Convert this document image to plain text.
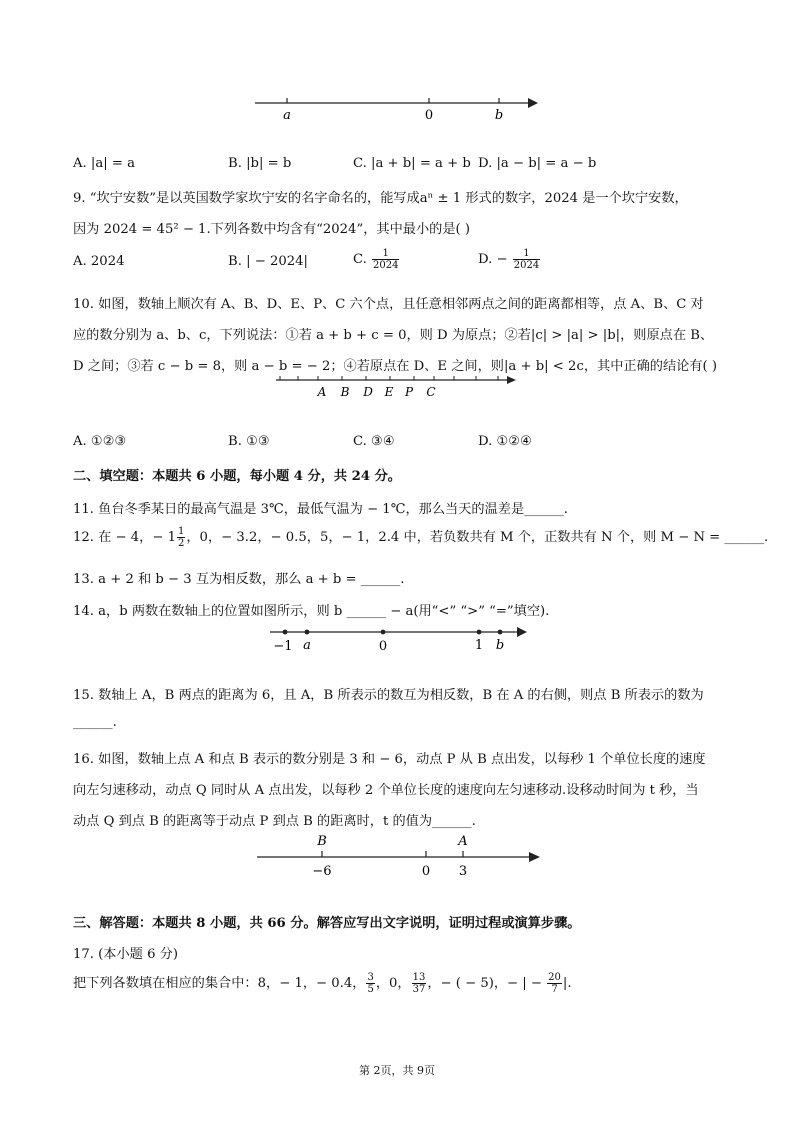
a	0	b
A. |a| = a	B. |b| = b	C. |a + b| = a + b D. |a − b| = a − b
9. “坎宁安数”是以英国数学家坎宁安的名字命名的，能写成aⁿ ± 1 形式的数字，2024 是一个坎宁安数，
因为 2024 = 45² − 1.下列各数中均含有“2024”，其中最小的是( )
A. 2024	B. | − 2024|	C. $\frac{1}{2024}$	D. − $\frac{1}{2024}$
10. 如图，数轴上顺次有 A、B、D、E、P、C 六个点，且任意相邻两点之间的距离都相等，点 A、B、C 对
应的数分别为 a、b、c，下列说法：①若 a + b + c = 0，则 D 为原点；②若|c| > |a| > |b|，则原点在 B、
D 之间；③若 c − b = 8，则 a − b = − 2；④若原点在 D、E 之间，则|a + b| < 2c，其中正确的结论有( )
A B D E P C
A. ①②③	B. ①③	C. ③④	D. ①②④
二、填空题：本题共 6 小题，每小题 4 分，共 24 分。
11. 鱼台冬季某日的最高气温是 3℃，最低气温为 − 1℃，那么当天的温差是______.
12. 在 − 4，− $1 \frac{1}{2}$ ，0，− 3.2，− 0.5，5，− 1，2.4 中，若负数共有 M 个，正数共有 N 个，则 M − N = ______.
13. a + 2 和 b − 3 互为相反数，那么 a + b = ______.
14. a，b 两数在数轴上的位置如图所示，则 b ______ − a(用“<” “>” “=”填空).
−1 a	0	1 b
15. 数轴上 A，B 两点的距离为 6，且 A，B 所表示的数互为相反数，B 在 A 的右侧，则点 B 所表示的数为
______.
16. 如图，数轴上点 A 和点 B 表示的数分别是 3 和 − 6，动点 P 从 B 点出发，以每秒 1 个单位长度的速度
向左匀速移动，动点 Q 同时从 A 点出发，以每秒 2 个单位长度的速度向左匀速移动.设移动时间为 t 秒，当
动点 Q 到点 B 的距离等于动点 P 到点 B 的距离时，t 的值为______.
B	A
−6	0 3
三、解答题：本题共 8 小题，共 66 分。解答应写出文字说明，证明过程或演算步骤。
17. (本小题 6 分)
把下列各数填在相应的集合中：8，− 1，− 0.4， $\frac{3}{5}$ ，0， $\frac{13}{37}$ ，− ( − 5)，− | − $\frac{20}{7}$ |.
第 2页，共 9页
